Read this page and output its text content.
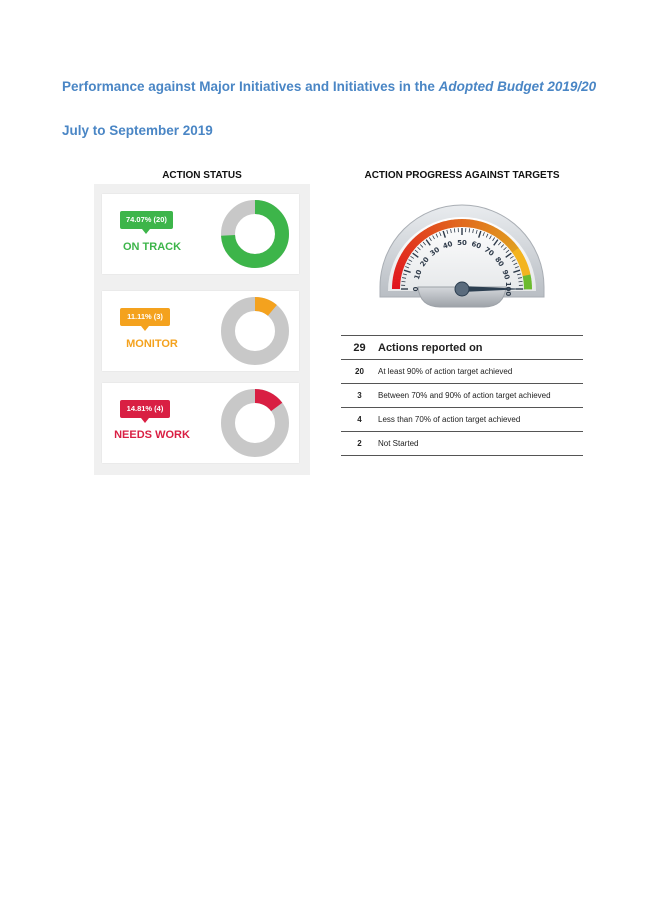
Performance against Major Initiatives and Initiatives in the Adopted Budget 2019/20
July to September 2019
ACTION STATUS	ACTION PROGRESS AGAINST TARGETS
74.07% (20)
ON TRACK
11.11% (3)
MONITOR
14.81% (4)
NEEDS WORK
0
10
20
30
40 50 60
70
80
90
29	Actions reported on
20	At least 90% of action target achieved
3	Between 70% and 90% of action target achieved
4	Less than 70% of action target achieved
2	Not Started
